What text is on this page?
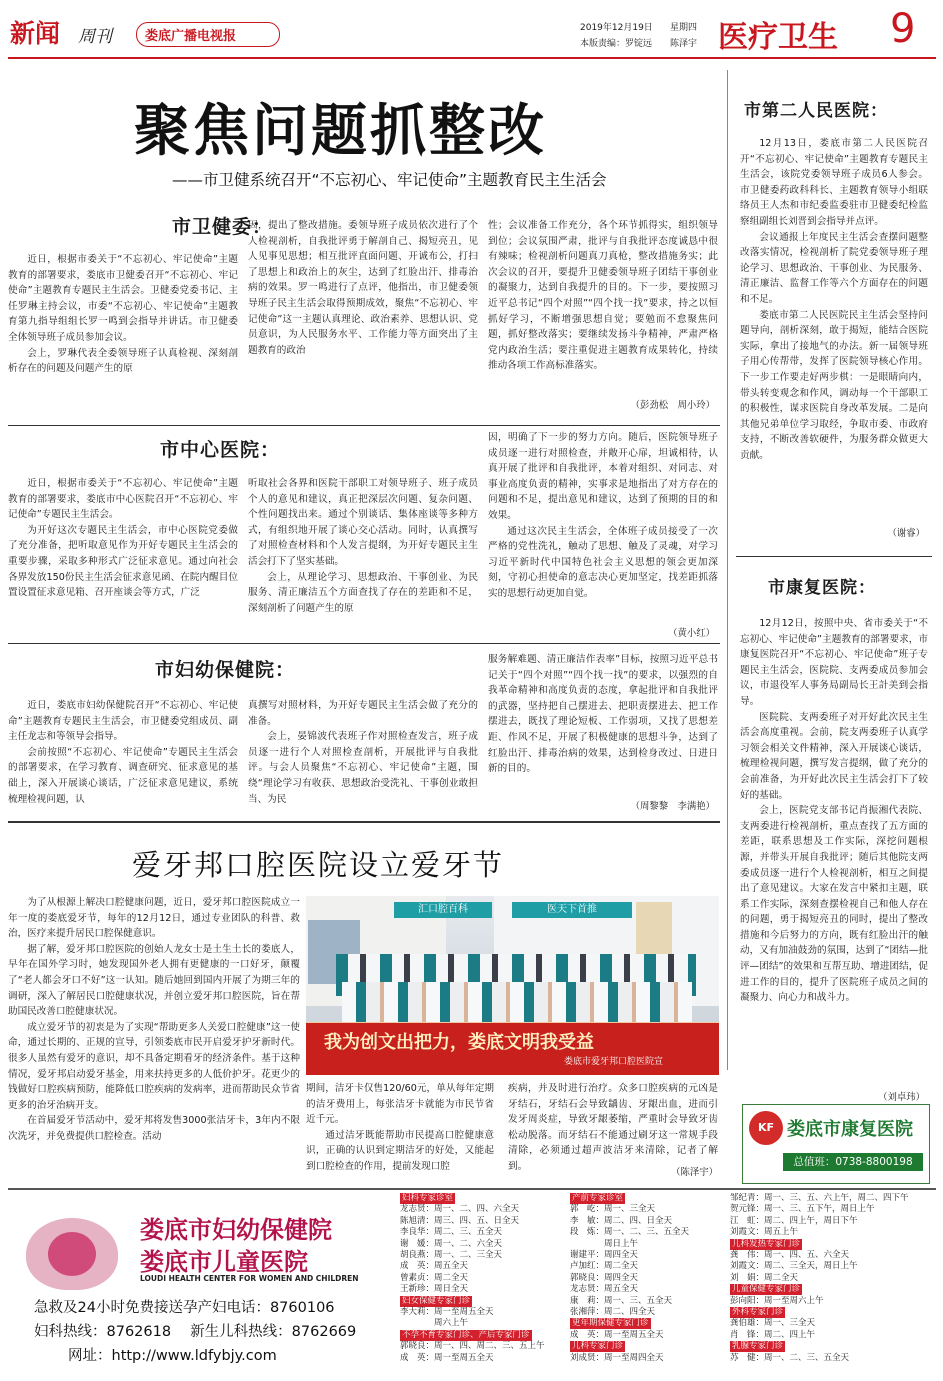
新闻 周刊	娄底广播电视报
2019年12月19日 星期四
本版责编：罗锭远 陈泽宇 医疗卫生 9
聚焦问题抓整改
——市卫健系统召开“不忘初心、牢记使命”主题教育民主生活会
市卫健委：

近日，根据市委关于“不忘初心、牢记使命”主题教育的部署要求，娄底市卫健委召开“不忘初心、牢记使命”主题教育专题民主生活会。卫健委党委书记、主任罗琳主持会议，市委“不忘初心、牢记使命”主题教育第九指导组组长罗一鸣到会指导并讲话。市卫健委全体领导班子成员参加会议。

会上，罗琳代表全委领导班子认真检视、深刻剖析存在的问题及问题产生的原

因，提出了整改措施。委领导班子成员依次进行了个人检视剖析，自我批评勇于解剖自己、揭短亮丑，见人见事见思想；相互批评直面问题、开诚布公，打扫了思想上和政治上的灰尘，达到了红脸出汗、排毒治病的效果。罗一鸣进行了点评，他指出，市卫健委领导班子民主生活会取得预期成效，聚焦“不忘初心、牢记使命”这一主题认真理论、政治素养、思想认识、党员意识，为人民服务水平、工作能力等方面突出了主题教育的政治

性；会议准备工作充分，各个环节抓得实，组织领导到位；会议氛围严肃，批评与自我批评态度诚恳中很有辣味；检视剖析问题真刀真枪，整改措施务实；此次会议的召开，要提升卫健委领导班子团结干事创业的凝聚力，达到自我提升的目的。下一步，要按照习近平总书记“四个对照”“四个找一找”要求，持之以恒抓好学习，不断增强思想自觉；要勉而不怠聚焦问题，抓好整改落实；要继续发扬斗争精神，严肃严格党内政治生活；要注重促进主题教育成果转化，持续推动各项工作高标准落实。

（彭劲松　周小玲）
市中心医院：

近日，根据市委关于“不忘初心、牢记使命”主题教育的部署要求，娄底市中心医院召开“不忘初心、牢记使命”专题民主生活会。

为开好这次专题民主生活会，市中心医院党委做了充分准备，把听取意见作为开好专题民主生活会的重要步骤，采取多种形式广泛征求意见。通过向社会各界发放150份民主生活会征求意见函、在院内醒目位置设置征求意见箱、召开座谈会等方式，广泛

听取社会各界和医院干部职工对领导班子、班子成员个人的意见和建议，真正把深层次问题、复杂问题、个性问题找出来。通过个别谈话、集体座谈等多种方式，有组织地开展了谈心交心活动。同时，认真撰写了对照检查材料和个人发言提纲，为开好专题民主生活会打下了坚实基础。

会上，从理论学习、思想政治、干事创业、为民服务、清正廉洁五个方面查找了存在的差距和不足，深刻剖析了问题产生的原

因，明确了下一步的努力方向。随后，医院领导班子成员逐一进行对照检查，并敞开心扉，坦诚相待，认真开展了批评和自我批评，本着对组织、对同志、对事业高度负责的精神，实事求是地指出了对方存在的问题和不足，提出意见和建议，达到了预期的目的和效果。

通过这次民主生活会，全体班子成员接受了一次严格的党性洗礼，触动了思想、触及了灵魂，对学习习近平新时代中国特色社会主义思想的领会更加深刻，守初心担使命的意志决心更加坚定，找差距抓落实的思想行动更加自觉。

（黄小红）
市妇幼保健院：

近日，娄底市妇幼保健院召开“不忘初心、牢记使命”主题教育专题民主生活会，市卫健委党组成员、副主任龙志和等领导会指导。

会前按照“不忘初心、牢记使命”专题民主生活会的部署要求，在学习教育、调查研究、征求意见的基础上，深入开展谈心谈话，广泛征求意见建议，系统梳理检视问题，认

真撰写对照材料，为开好专题民主生活会做了充分的准备。

会上，晏锦波代表班子作对照检查发言，班子成员逐一进行个人对照检查剖析，开展批评与自我批评。与会人员聚焦“不忘初心、牢记使命”主题，围绕“理论学习有收获、思想政治受洗礼、干事创业敢担当、为民

服务解难题、清正廉洁作表率”目标，按照习近平总书记关于“四个对照”“四个找一找”的要求，以强烈的自我革命精神和高度负责的态度，拿起批评和自我批评的武器，坚持把自己摆进去、把职责摆进去、把工作摆进去，既找了理论短板、工作弱项，又找了思想差距、作风不足，开展了积极健康的思想斗争，达到了红脸出汗、排毒治病的效果，达到检身改过、日进日新的目的。

（周黎黎　李满艳）
爱牙邦口腔医院设立爱牙节

为了从根源上解决口腔健康问题，近日，爱牙邦口腔医院成立一年一度的娄底爱牙节，每年的12月12日，通过专业团队的科普、救治，医疗来提升居民口腔保健意识。

据了解，爱牙邦口腔医院的创始人龙女士是土生土长的娄底人，早年在国外学习时，她发现国外老人拥有更健康的一口好牙，颠覆了“老人都会牙口不好”这一认知。随后她回到国内开展了为期三年的调研，深入了解居民口腔健康状况，并创立爱牙邦口腔医院，旨在帮助国民改善口腔健康状况。

成立爱牙节的初衷是为了实现“帮助更多人关爱口腔健康”这一使命，通过长期的、正规的宣导，引领娄底市民开启爱牙护牙新时代。很多人虽然有爱牙的意识，却不具备定期看牙的经济条件。基于这种情况，爱牙邦启动爱牙基金，用来扶持更多的人低价护牙。花更少的钱做好口腔疾病预防，能降低口腔疾病的发病率，进而帮助民众节省更多的治牙治病开支。

在首届爱牙节活动中，爱牙邦将发售3000张洁牙卡，3年内不限次洗牙，并免费提供口腔检查。活动

汇口腔百科	医天下首推
我为创文出把力，娄底文明我受益
娄底市爱牙邦口腔医院宣

期间，洁牙卡仅售120/60元，单从每年定期的洁牙费用上，每张洁牙卡就能为市民节省近千元。

通过洁牙既能帮助市民提高口腔健康意识，正确的认识到定期洁牙的好处，又能起到口腔检查的作用，提前发现口腔

疾病，并及时进行治疗。众多口腔疾病的元凶是牙结石，牙结石会导致龋齿、牙龈出血，进而引发牙周炎症，导致牙龈萎缩，严重时会导致牙齿松动脱落。而牙结石不能通过刷牙这一常规手段清除，必须通过超声波洁牙来清除，记者了解到。

（陈泽宇）
市第二人民医院：

12月13日，娄底市第二人民医院召开“不忘初心、牢记使命”主题教育专题民主生活会，该院党委领导班子成员6人参会。市卫健委药政科科长、主题教育领导小组联络员王人杰和市纪委监委驻市卫健委纪检监察组副组长刘晋到会指导并点评。

会议通报上年度民主生活会查摆问题整改落实情况，检视剖析了院党委领导班子理论学习、思想政治、干事创业、为民服务、清正廉洁、监督工作等六个方面存在的问题和不足。

娄底市第二人民医院民主生活会坚持问题导向，剖析深刻，敢于揭短，能结合医院实际，拿出了接地气的办法。新一届领导班子用心传帮带，发挥了医院领导核心作用。下一步工作要走好两步棋：一是眼睛向内，带头转变观念和作风，调动每一个干部职工的积极性，谋求医院自身改革发展。二是向其他兄弟单位学习取经，争取市委、市政府支持，不断改善软硬件，为服务群众做更大贡献。

（谢睿）
市康复医院：

12月12日，按照中央、省市委关于“不忘初心、牢记使命”主题教育的部署要求，市康复医院召开“不忘初心、牢记使命”班子专题民主生活会，医院院、支两委成员参加会议，市退役军人事务局副局长王計美到会指导。

医院院、支两委班子对开好此次民主生活会高度重视。会前，院支两委班子认真学习领会相关文件精神，深入开展谈心谈话，梳理检视问题，撰写发言提纲，做了充分的会前准备，为开好此次民主生活会打下了较好的基础。

会上，医院党支部书记肖振湘代表院、支两委进行检视剖析，重点查找了五方面的差距，联系思想及工作实际，深挖问题根源，并带头开展自我批评；随后其他院支两委成员逐一进行个人检视剖析，相互之间提出了意见建议。大家在发言中紧扣主题，联系工作实际，深刻查摆检视自己和他人存在的问题，勇于揭短亮丑的同时，提出了整改措施和今后努力的方向，既有红脸出汗的触动，又有加油鼓劲的氛围，达到了“团结—批评—团结”的效果和互帮互助、增进团结，促进工作的目的，提升了医院班子成员之间的凝聚力、向心力和战斗力。

（刘卓玮）
KF 娄底市康复医院
总值班：0738-8800198
娄底市妇幼保健院
娄底市儿童医院
LOUDI HEALTH CENTER FOR WOMEN AND CHILDREN
急救及24小时免费接送孕产妇电话：8760106
妇科热线：8762618　 新生儿科热线：8762669
网址：http://www.ldfybjy.com
妇科专家诊室
龙志贤：周一、二、四、六全天
陈旭清：周三、四、五、日全天
李良华：周二、三、五全天
谢　媛：周一、二、六全天
胡良燕：周一、二、三全天
成　英：周五全天
曾素贞：周二全天
王新珍：周日全天
妇女保健专家门诊
李大莉：周一至周五全天
　　　　周六上午
不孕不育专家门诊、产后专家门诊
郭晓良：周一、四、周二、三、五上午
成　英：周一至周五全天
产前专家诊室
郭　屹：周一、三全天
李　敏：周二、四、日全天
段　炼：周一、二、三、五全天
　　　　周日上午
谢建平：周四全天
卢加红：周二全天
郭晓良：周四全天
龙志贤：周五全天
康　莉：周一、三、五全天
张湘萍：周二、四全天
更年期保健专家门诊
成　英：周一至周五全天
儿科专家门诊
刘成贤：周一至周四全天
邹纪青：周一、三、五、六上午，周二、四下午
贺元锋：周一、三、五下午，周日上午
江　虹：周二、四上午，周日下午
刘霞文：周五上午
儿科发热专家门诊
龚　伟：周一、四、五、六全天
刘霞文：周二、三全天，周日上午
刘　娟：周二全天
儿童保健专家门诊
彭向阳：周一至周六上午
外科专家门诊
龚伯雄：周一、三全天
肖　锋：周二、四上午
乳腺专家门诊
苏　健：周一、二、三、五全天
